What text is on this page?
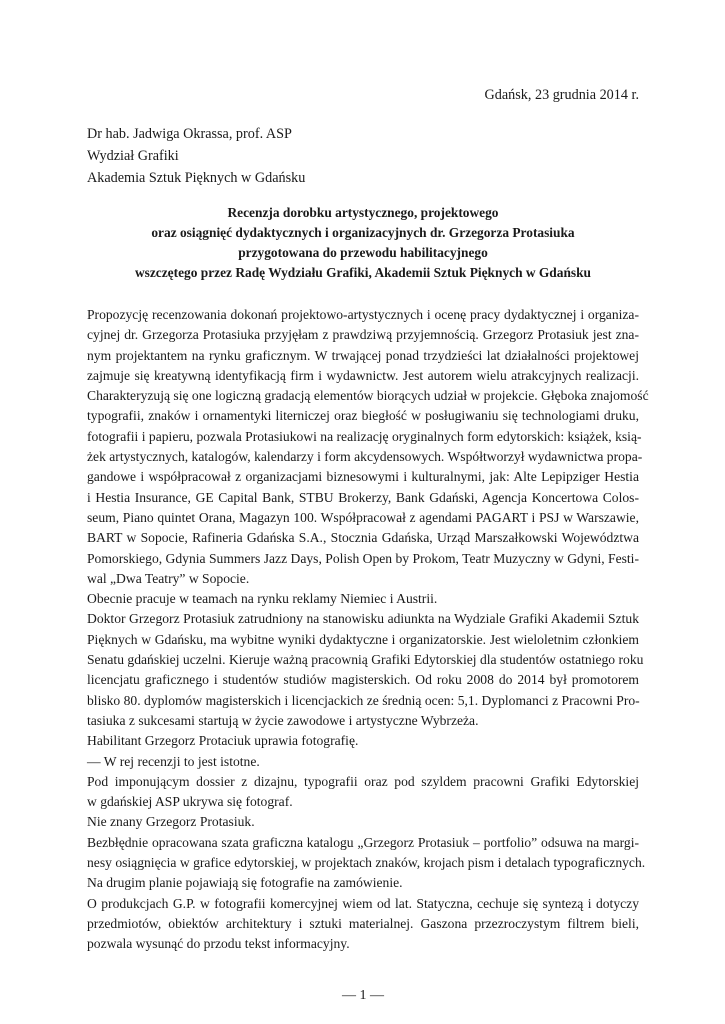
Gdańsk, 23 grudnia 2014 r.
Dr hab. Jadwiga Okrassa, prof. ASP
Wydział Grafiki
Akademia Sztuk Pięknych w Gdańsku
Recenzja dorobku artystycznego, projektowego
oraz osiągnięć dydaktycznych i organizacyjnych dr. Grzegorza Protasiuka
przygotowana do przewodu habilitacyjnego
wszczętego przez Radę Wydziału Grafiki, Akademii Sztuk Pięknych w Gdańsku
Propozycję recenzowania dokonań projektowo-artystycznych i ocenę pracy dydaktycznej i organiza-
cyjnej dr. Grzegorza Protasiuka przyjęłam z prawdziwą przyjemnością. Grzegorz Protasiuk jest zna-
nym projektantem na rynku graficznym. W trwającej ponad trzydzieści lat działalności projektowej
zajmuje się kreatywną identyfikacją firm i wydawnictw. Jest autorem wielu atrakcyjnych realizacji.
Charakteryzują się one logiczną gradacją elementów biorących udział w projekcie. Głęboka znajomość
typografii, znaków i ornamentyki literniczej oraz biegłość w posługiwaniu się technologiami druku,
fotografii i papieru, pozwala Protasiukowi na realizację oryginalnych form edytorskich: książek, ksią-
żek artystycznych, katalogów, kalendarzy i form akcydensowych. Współtworzył wydawnictwa propa-
gandowe i współpracował z organizacjami biznesowymi i kulturalnymi, jak: Alte Lepipziger Hestia
i Hestia Insurance, GE Capital Bank, STBU Brokerzy, Bank Gdański, Agencja Koncertowa Colos-
seum, Piano quintet Orana, Magazyn 100. Współpracował z agendami PAGART i PSJ w Warszawie,
BART w Sopocie, Rafineria Gdańska S.A., Stocznia Gdańska, Urząd Marszałkowski Województwa
Pomorskiego, Gdynia Summers Jazz Days, Polish Open by Prokom, Teatr Muzyczny w Gdyni, Festi-
wal „Dwa Teatry” w Sopocie.
Obecnie pracuje w teamach na rynku reklamy Niemiec i Austrii.
Doktor Grzegorz Protasiuk zatrudniony na stanowisku adiunkta na Wydziale Grafiki Akademii Sztuk
Pięknych w Gdańsku, ma wybitne wyniki dydaktyczne i organizatorskie. Jest wieloletnim członkiem
Senatu gdańskiej uczelni. Kieruje ważną pracownią Grafiki Edytorskiej dla studentów ostatniego roku
licencjatu graficznego i studentów studiów magisterskich. Od roku 2008 do 2014 był promotorem
blisko 80. dyplomów magisterskich i licencjackich ze średnią ocen: 5,1. Dyplomanci z Pracowni Pro-
tasiuka z sukcesami startują w życie zawodowe i artystyczne Wybrzeża.
Habilitant Grzegorz Protaciuk uprawia fotografię.
— W rej recenzji to jest istotne.
Pod imponującym dossier z dizajnu, typografii oraz pod szyldem pracowni Grafiki Edytorskiej
w gdańskiej ASP ukrywa się fotograf.
Nie znany Grzegorz Protasiuk.
Bezbłędnie opracowana szata graficzna katalogu „Grzegorz Protasiuk – portfolio” odsuwa na margi-
nesy osiągnięcia w grafice edytorskiej, w projektach znaków, krojach pism i detalach typograficznych.
Na drugim planie pojawiają się fotografie na zamówienie.
O produkcjach G.P. w fotografii komercyjnej wiem od lat. Statyczna, cechuje się syntezą i dotyczy
przedmiotów, obiektów architektury i sztuki materialnej. Gaszona przezroczystym filtrem bieli,
pozwala wysunąć do przodu tekst informacyjny.
— 1 —
